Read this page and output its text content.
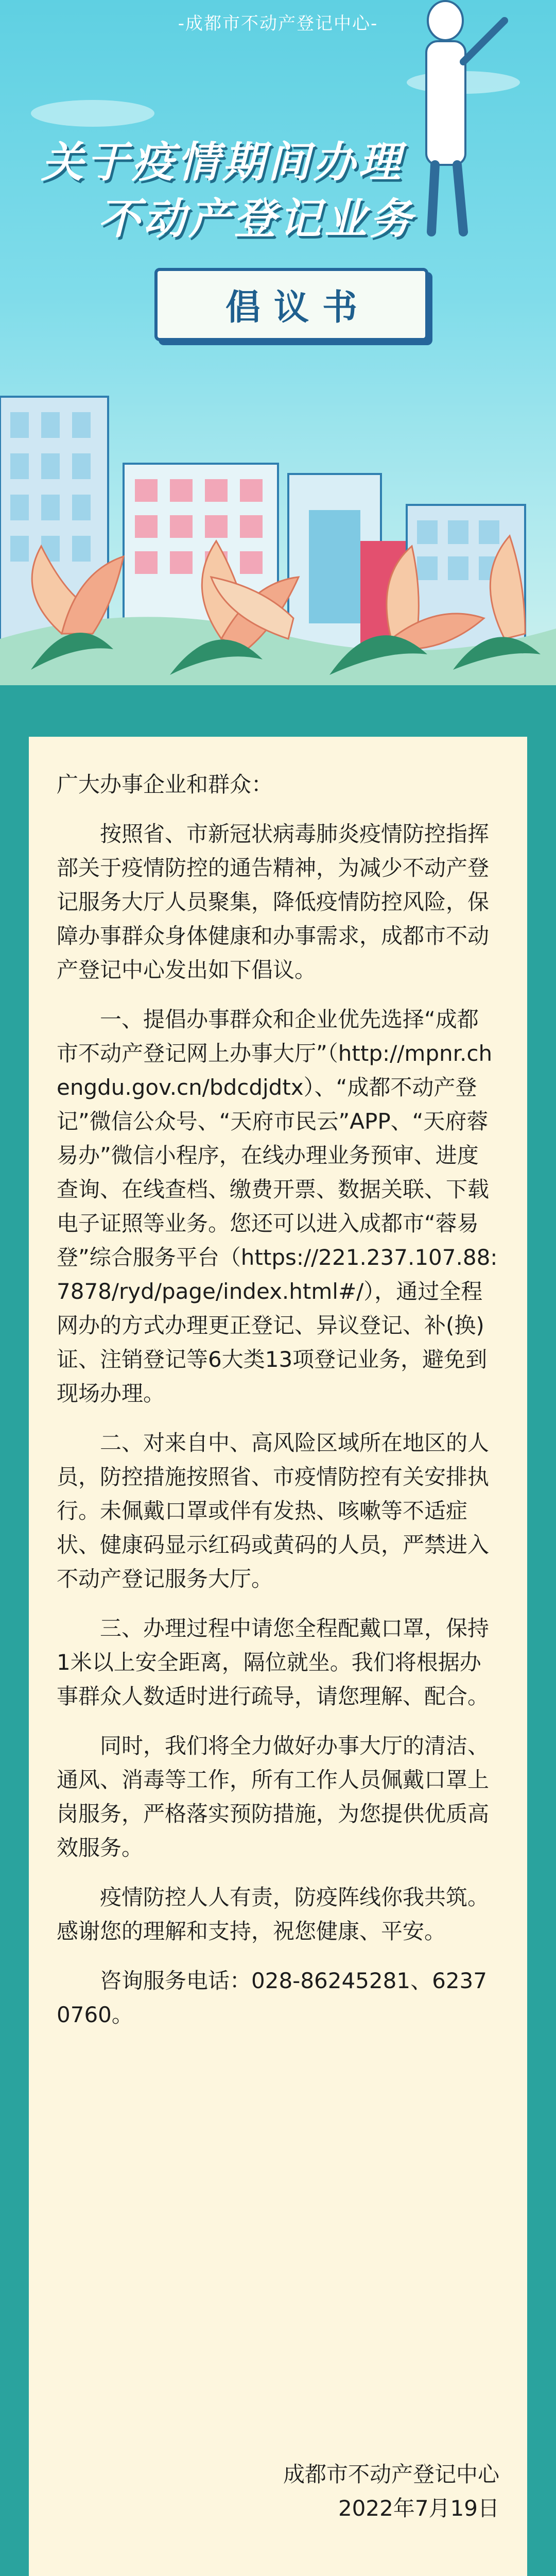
-成都市不动产登记中心-
关于疫情期间办理
不动产登记业务
倡议书

广大办事企业和群众：

按照省、市新冠状病毒肺炎疫情防控指挥部关于疫情防控的通告精神，为减少不动产登记服务大厅人员聚集，降低疫情防控风险，保障办事群众身体健康和办事需求，成都市不动产登记中心发出如下倡议。

一、提倡办事群众和企业优先选择“成都市不动产登记网上办事大厅”（http://mpnr.chengdu.gov.cn/bdcdjdtx）、“成都不动产登记”微信公众号、“天府市民云”APP、“天府蓉易办”微信小程序，在线办理业务预审、进度查询、在线查档、缴费开票、数据关联、下载电子证照等业务。您还可以进入成都市“蓉易登”综合服务平台（https://221.237.107.88:7878/ryd/page/index.html#/），通过全程网办的方式办理更正登记、异议登记、补(换)证、注销登记等6大类13项登记业务，避免到现场办理。

二、对来自中、高风险区域所在地区的人员，防控措施按照省、市疫情防控有关安排执行。未佩戴口罩或伴有发热、咳嗽等不适症状、健康码显示红码或黄码的人员，严禁进入不动产登记服务大厅。

三、办理过程中请您全程配戴口罩，保持1米以上安全距离，隔位就坐。我们将根据办事群众人数适时进行疏导，请您理解、配合。

同时，我们将全力做好办事大厅的清洁、通风、消毒等工作，所有工作人员佩戴口罩上岗服务，严格落实预防措施，为您提供优质高效服务。

疫情防控人人有责，防疫阵线你我共筑。感谢您的理解和支持，祝您健康、平安。

咨询服务电话：028-86245281、62370760。

成都市不动产登记中心
2022年7月19日
